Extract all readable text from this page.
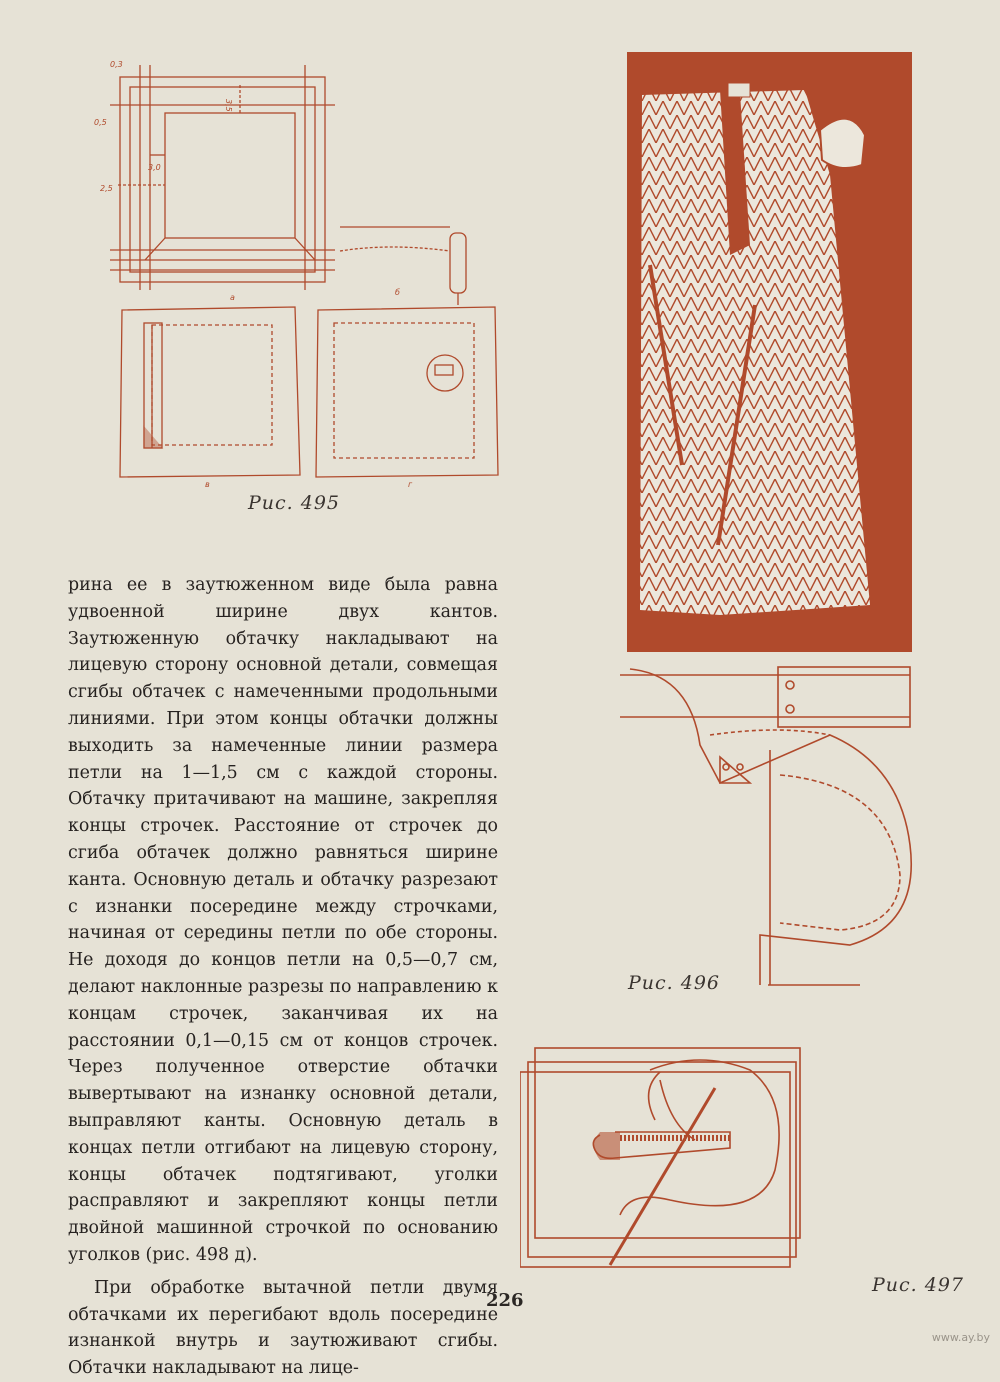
0,3
0,5
2,5
3,0
3,5
а
б
в	г
Рис. 495
Рис. 496
Рис. 497

рина ее в заутюженном виде была равна удвоенной ширине двух кантов. Заутюженную обтачку накладывают на лицевую сторону основной детали, совмещая сгибы обтачек с намеченными продольными линиями. При этом концы обтачки должны выходить за намеченные линии размера петли на 1—1,5 см с каждой стороны. Обтачку притачивают на машине, закрепляя концы строчек. Расстояние от строчек до сгиба обтачек должно равняться ширине канта. Основную деталь и обтачку разрезают с изнанки посередине между строчками, начиная от середины петли по обе стороны. Не доходя до концов петли на 0,5—0,7 см, делают наклонные разрезы по направлению к концам строчек, заканчивая их на расстоянии 0,1—0,15 см от концов строчек. Через полученное отверстие обтачки вывертывают на изнанку основной детали, выправляют канты. Основную деталь в концах петли отгибают на лицевую сторону, концы обтачек подтягивают, уголки расправляют и закрепляют концы петли двойной машинной строчкой по основанию уголков (рис. 498 д).

При обработке вытачной петли двумя обтачками их перегибают вдоль посередине изнанкой внутрь и заутюживают сгибы. Обтачки накладывают на лице-

226
www.ay.by
